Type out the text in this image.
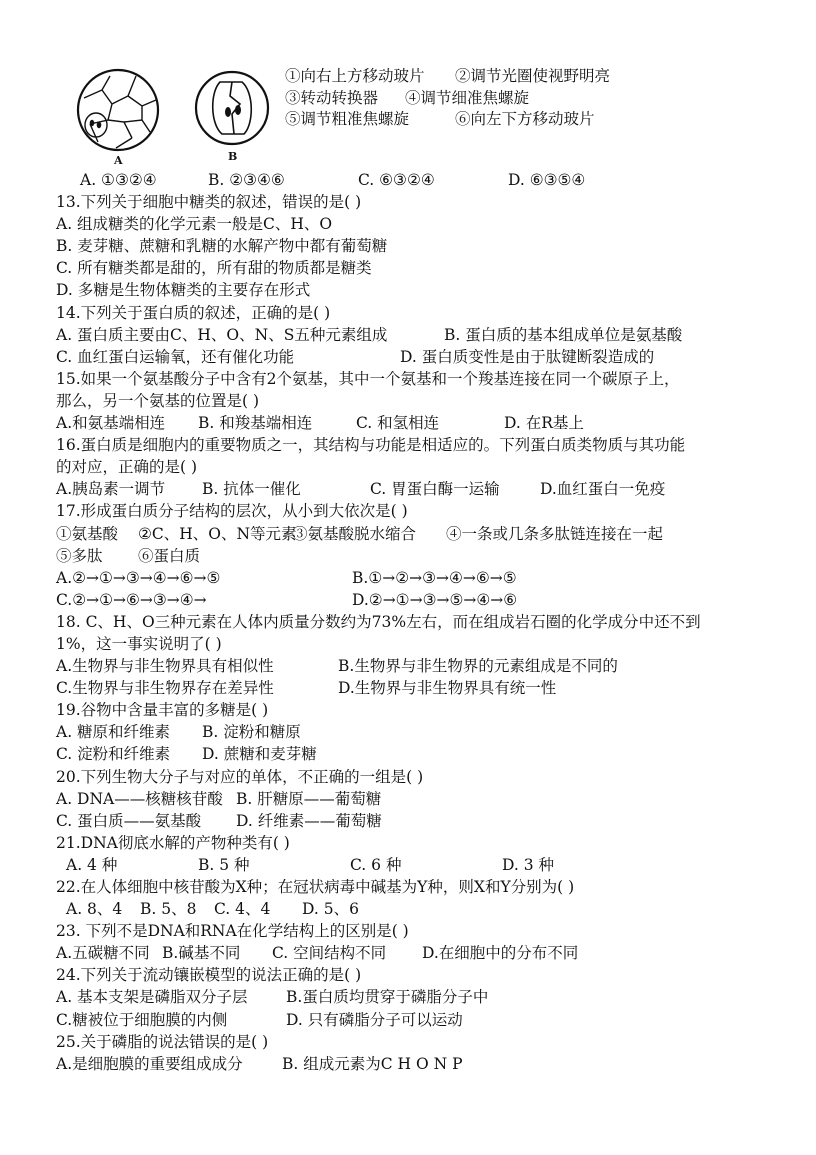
A	B
①向右上方移动玻片 ②调节光圈使视野明亮
③转动转换器 ④调节细准焦螺旋
⑤调节粗准焦螺旋	⑥向左下方移动玻片
A. ①③②④	B. ②③④⑥	C. ⑥③②④	D. ⑥③⑤④
13.下列关于细胞中糖类的叙述，错误的是( )
A. 组成糖类的化学元素一般是C、H、O
B. 麦芽糖、蔗糖和乳糖的水解产物中都有葡萄糖
C. 所有糖类都是甜的，所有甜的物质都是糖类
D. 多糖是生物体糖类的主要存在形式
14.下列关于蛋白质的叙述，正确的是( )
A. 蛋白质主要由C、H、O、N、S五种元素组成	B. 蛋白质的基本组成单位是氨基酸
C. 血红蛋白运输氧，还有催化功能	D. 蛋白质变性是由于肽键断裂造成的
15.如果一个氨基酸分子中含有2个氨基，其中一个氨基和一个羧基连接在同一个碳原子上，
那么，另一个氨基的位置是( )
A.和氨基端相连	B. 和羧基端相连	C. 和氢相连	D. 在R基上
16.蛋白质是细胞内的重要物质之一，其结构与功能是相适应的。下列蛋白质类物质与其功能
的对应，正确的是( )
A.胰岛素一调节	B. 抗体一催化	C. 胃蛋白酶一运输	D.血红蛋白一免疫
17.形成蛋白质分子结构的层次，从小到大依次是( )
①氨基酸	②C、H、O、N等元素
③氨基酸脱水缩合	④一条或几条多肽链连接在一起
⑤多肽	⑥蛋白质
A.②→①→③→④→⑥→⑤	B.①→②→③→④→⑥→⑤
C.②→①→⑥→③→④→	D.②→①→③→⑤→④→⑥
18. C、H、O三种元素在人体内质量分数约为73%左右，而在组成岩石圈的化学成分中还不到
1%，这一事实说明了( )
A.生物界与非生物界具有相似性	B.生物界与非生物界的元素组成是不同的
C.生物界与非生物界存在差异性	D.生物界与非生物界具有统一性
19.谷物中含量丰富的多糖是( )
A. 糖原和纤维素	B. 淀粉和糖原
C. 淀粉和纤维素	D. 蔗糖和麦芽糖
20.下列生物大分子与对应的单体，不正确的一组是( )
A. DNA——核糖核苷酸 B. 肝糖原——葡萄糖
C. 蛋白质——氨基酸	D. 纤维素——葡萄糖
21.DNA彻底水解的产物种类有( )
A. 4 种	B. 5 种	C. 6 种	D. 3 种
22.在人体细胞中核苷酸为X种；在冠状病毒中碱基为Y种，则X和Y分别为( )
A. 8、4	B. 5、8	C. 4、4	D. 5、6
23. 下列不是DNA和RNA在化学结构上的区别是( )
A.五碳糖不同 B.碱基不同	C. 空间结构不同	D.在细胞中的分布不同
24.下列关于流动镶嵌模型的说法正确的是( )
A. 基本支架是磷脂双分子层	B.蛋白质均贯穿于磷脂分子中
C.糖被位于细胞膜的内侧	D. 只有磷脂分子可以运动
25.关于磷脂的说法错误的是( )
A.是细胞膜的重要组成成分	B. 组成元素为C H O N P
